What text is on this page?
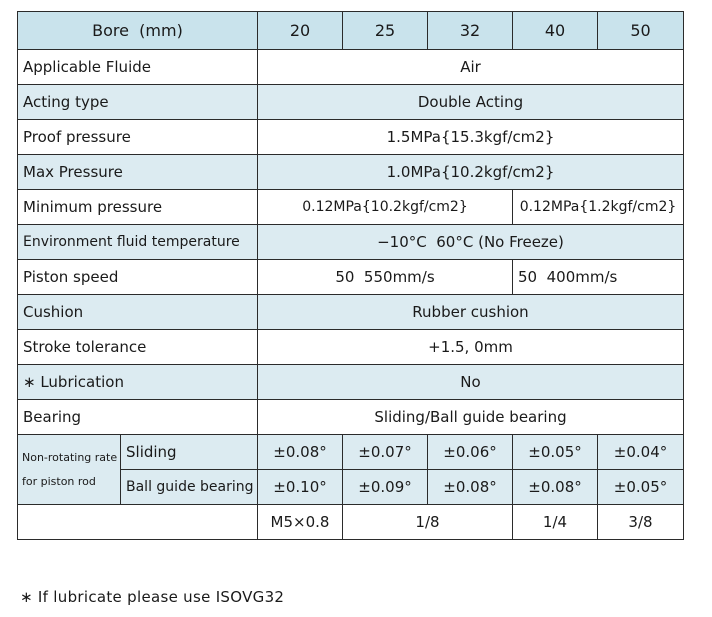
Bore  (mm)		20	25	32	40	50
Applicable Fluide		Air				
Acting type		Double Acting				
Proof pressure		1.5MPa{15.3kgf/cm2}				
Max Pressure		1.0MPa{10.2kgf/cm2}				
Minimum pressure		0.12MPa{10.2kgf/cm2}			0.12MPa{1.2kgf/cm2}	
Environment fluid temperature		−10°C  60°C (No Freeze)				
Piston speed		50  550mm/s			50  400mm/s	
Cushion		Rubber cushion				
Stroke tolerance		+1.5, 0mm				
∗ Lubrication		No				
Bearing		Sliding/Ball guide bearing				

Non-rotating rate
for piston rod	Sliding	±0.08°	±0.07°	±0.06°	±0.05°	±0.04°
	Ball guide bearing	±0.10°	±0.09°	±0.08°	±0.08°	±0.05°
		M5×0.8	1/8		1/4	3/8
∗ If lubricate please use ISOVG32
